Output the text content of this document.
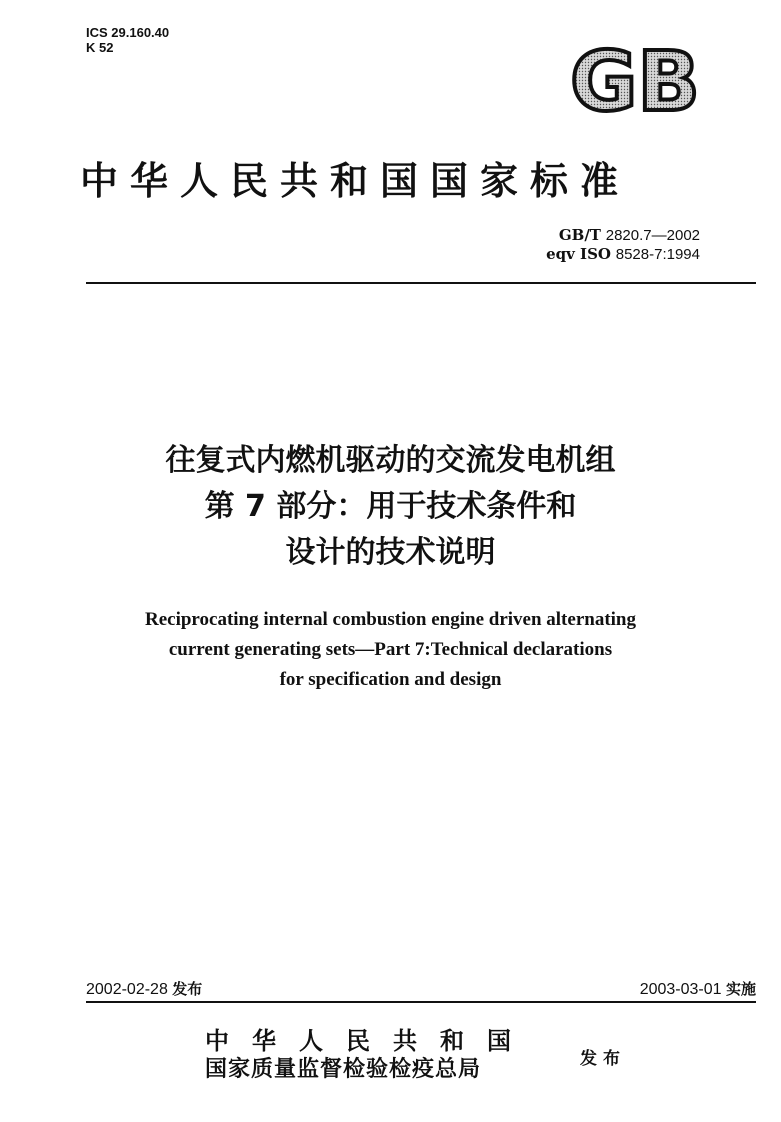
ICS 29.160.40
K 52	GB
中华人民共和国国家标准
GB/T 2820.7—2002
eqv ISO 8528-7:1994
往复式内燃机驱动的交流发电机组
第 7 部分：用于技术条件和
设计的技术说明
Reciprocating internal combustion engine driven alternating
current generating sets—Part 7:Technical declarations
for specification and design
2002-02-28 发布	2003-03-01 实施
中华人民共和国
国家质量监督检验检疫总局	发布
